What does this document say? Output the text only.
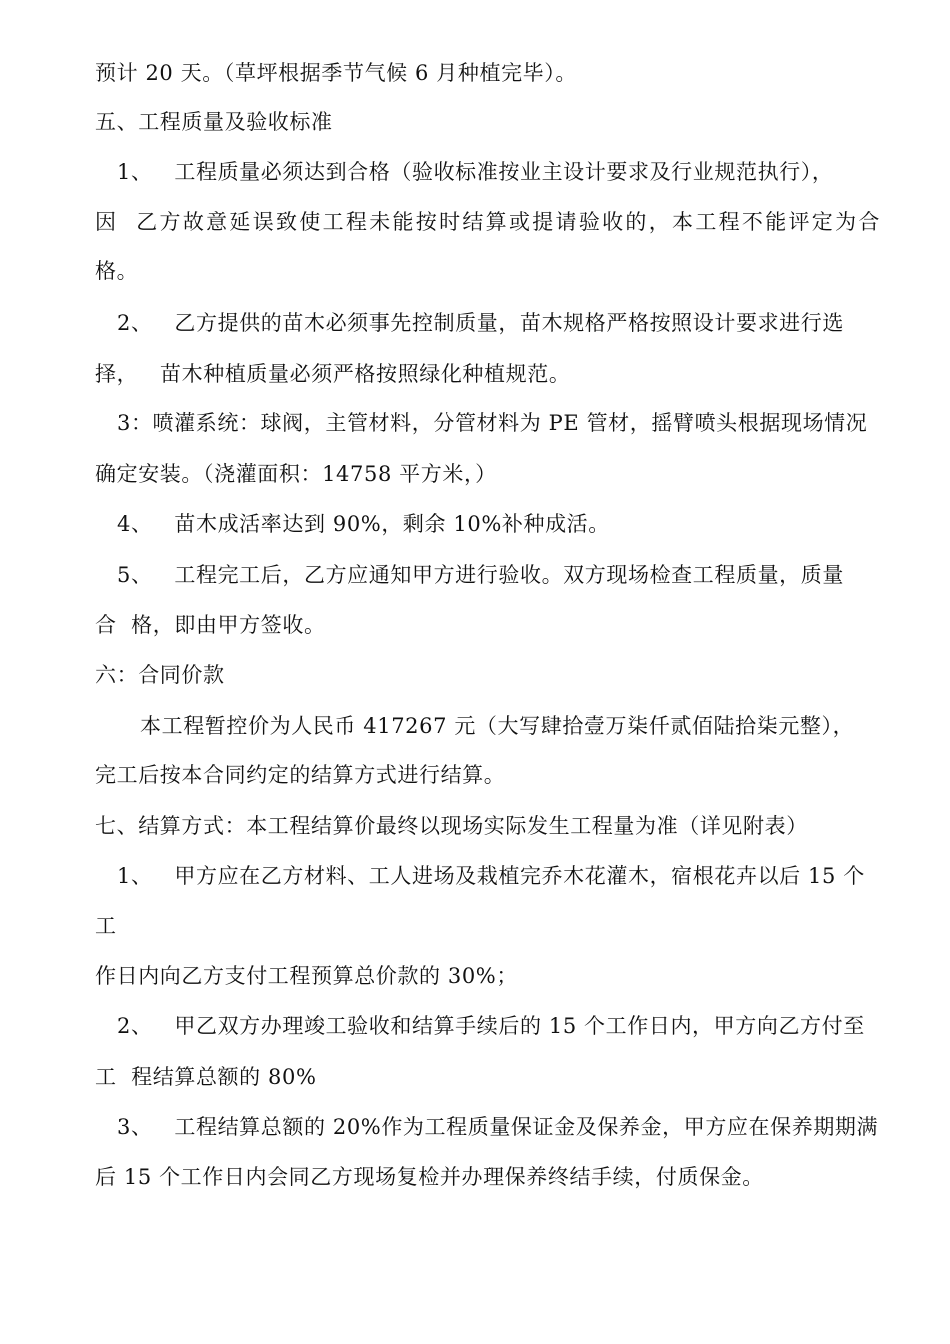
预计 20 天。（草坪根据季节气候 6 月种植完毕）。
五、工程质量及验收标准
1、   工程质量必须达到合格（验收标准按业主设计要求及行业规范执行），
因  乙方故意延误致使工程未能按时结算或提请验收的，本工程不能评定为合
格。
2、   乙方提供的苗木必须事先控制质量，苗木规格严格按照设计要求进行选
择，   苗木种植质量必须严格按照绿化种植规范。
3：喷灌系统：球阀，主管材料，分管材料为 PE 管材，摇臂喷头根据现场情况
确定安装。（浇灌面积：14758 平方米，）
4、   苗木成活率达到 90%，剩余 10%补种成活。
5、   工程完工后，乙方应通知甲方进行验收。双方现场检查工程质量，质量
合  格，即由甲方签收。
六：合同价款
本工程暂控价为人民币 417267 元（大写肆拾壹万柒仟贰佰陆拾柒元整），
完工后按本合同约定的结算方式进行结算。
七、结算方式：本工程结算价最终以现场实际发生工程量为准（详见附表）
1、   甲方应在乙方材料、工人进场及栽植完乔木花灌木，宿根花卉以后 15 个
工
作日内向乙方支付工程预算总价款的 30%；
2、   甲乙双方办理竣工验收和结算手续后的 15 个工作日内，甲方向乙方付至
工  程结算总额的 80%
3、   工程结算总额的 20%作为工程质量保证金及保养金，甲方应在保养期期满
后 15 个工作日内会同乙方现场复检并办理保养终结手续，付质保金。
